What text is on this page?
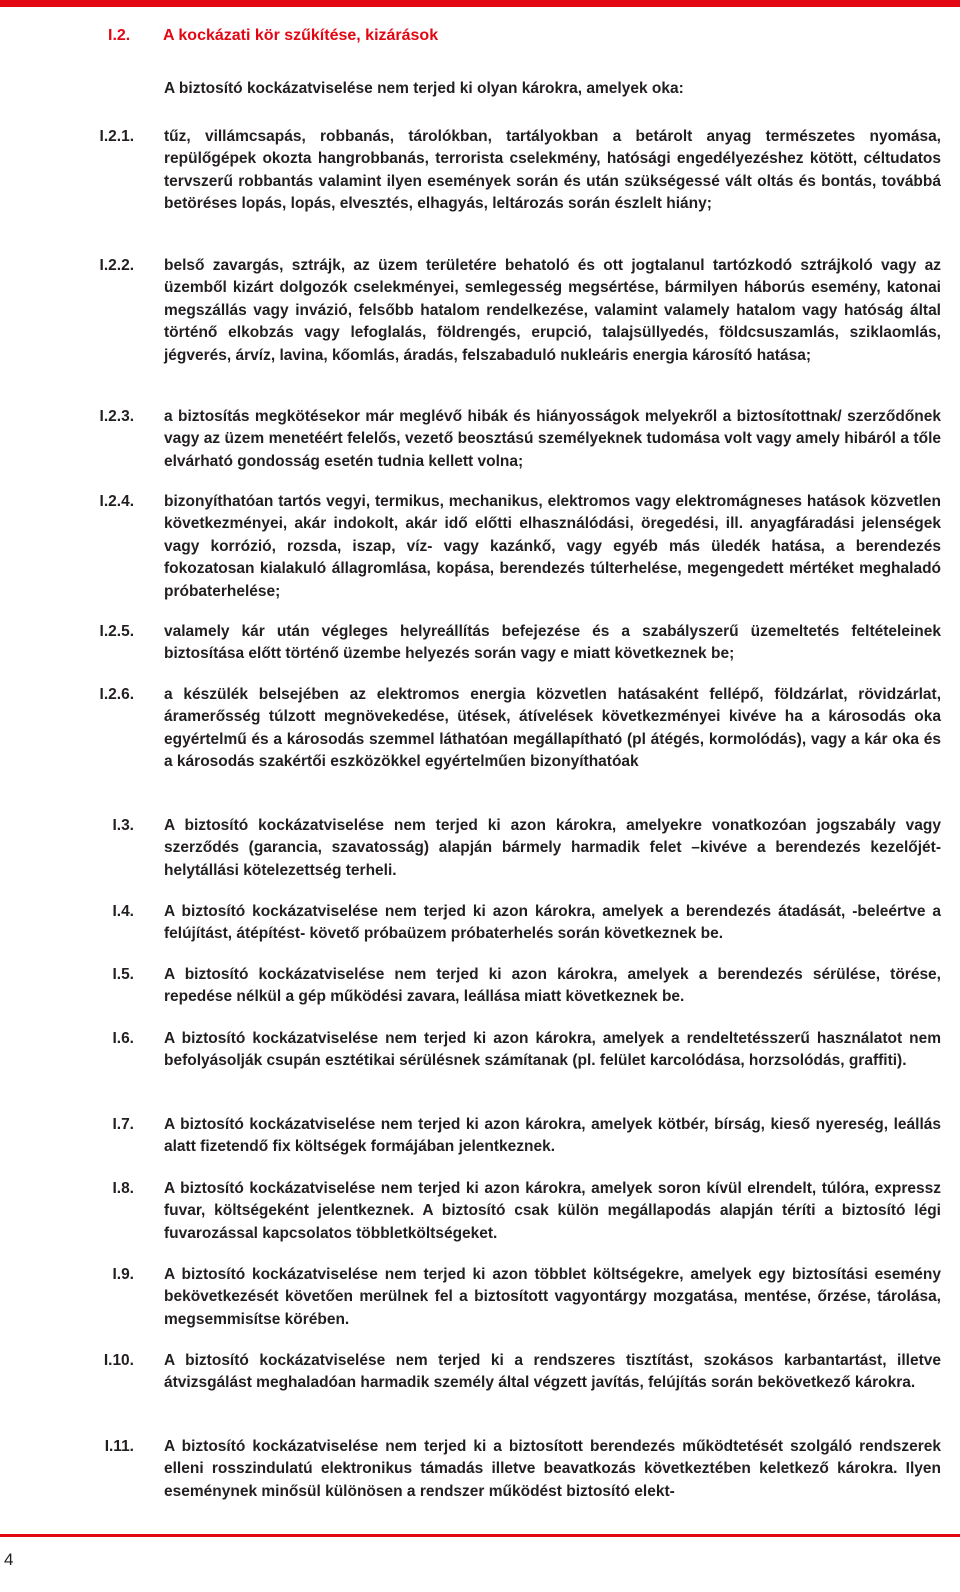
I.2. A kockázati kör szűkítése, kizárások
A biztosító kockázatviselése nem terjed ki olyan károkra, amelyek oka:
I.2.1. tűz, villámcsapás, robbanás, tárolókban, tartályokban a betárolt anyag természetes nyomása, repülőgépek okozta hangrobbanás, terrorista cselekmény, hatósági engedélyezéshez kötött, céltudatos tervszerű robbantás valamint ilyen események során és után szükségessé vált oltás és bontás, továbbá betöréses lopás, lopás, elvesztés, elhagyás, leltározás során észlelt hiány;
I.2.2. belső zavargás, sztrájk, az üzem területére behatoló és ott jogtalanul tartózkodó sztrájkoló vagy az üzemből kizárt dolgozók cselekményei, semlegesség megsértése, bármilyen háborús esemény, katonai megszállás vagy invázió, felsőbb hatalom rendelkezése, valamint valamely hatalom vagy hatóság által történő elkobzás vagy lefoglalás, földrengés, erupció, talajsüllyedés, földcsuszamlás, sziklaomlás, jégverés, árvíz, lavina, kőomlás, áradás, felszabaduló nukleáris energia károsító hatása;
I.2.3. a biztosítás megkötésekor már meglévő hibák és hiányosságok melyekről a biztosítottnak/ szerződőnek vagy az üzem menetéért felelős, vezető beosztású személyeknek tudomása volt vagy amely hibáról a tőle elvárható gondosság esetén tudnia kellett volna;
I.2.4. bizonyíthatóan tartós vegyi, termikus, mechanikus, elektromos vagy elektromágneses hatások közvetlen következményei, akár indokolt, akár idő előtti elhasználódási, öregedési, ill. anyagfáradási jelenségek vagy korrózió, rozsda, iszap, víz- vagy kazánkő, vagy egyéb más üledék hatása, a berendezés fokozatosan kialakuló állagromlása, kopása, berendezés túlterhelése, megengedett mértéket meghaladó próbaterhelése;
I.2.5. valamely kár után végleges helyreállítás befejezése és a szabályszerű üzemeltetés feltételeinek biztosítása előtt történő üzembe helyezés során vagy e miatt következnek be;
I.2.6. a készülék belsejében az elektromos energia közvetlen hatásaként fellépő, földzárlat, rövidzárlat, áramerősség túlzott megnövekedése, ütések, átívelések következményei kivéve ha a károsodás oka egyértelmű és a károsodás szemmel láthatóan megállapítható (pl átégés, kormolódás), vagy a kár oka és a károsodás szakértői eszközökkel egyértelműen bizonyíthatóak
I.3. A biztosító kockázatviselése nem terjed ki azon károkra, amelyekre vonatkozóan jogszabály vagy szerződés (garancia, szavatosság) alapján bármely harmadik felet –kivéve a berendezés kezelőjét- helytállási kötelezettség terheli.
I.4. A biztosító kockázatviselése nem terjed ki azon károkra, amelyek a berendezés átadását, -beleértve a felújítást, átépítést- követő próbaüzem próbaterhelés során következnek be.
I.5. A biztosító kockázatviselése nem terjed ki azon károkra, amelyek a berendezés sérülése, törése, repedése nélkül a gép működési zavara, leállása miatt következnek be.
I.6. A biztosító kockázatviselése nem terjed ki azon károkra, amelyek a rendeltetésszerű használatot nem befolyásolják csupán esztétikai sérülésnek számítanak (pl. felület karcolódása, horzsolódás, graffiti).
I.7. A biztosító kockázatviselése nem terjed ki azon károkra, amelyek kötbér, bírság, kieső nyereség, leállás alatt fizetendő fix költségek formájában jelentkeznek.
I.8. A biztosító kockázatviselése nem terjed ki azon károkra, amelyek soron kívül elrendelt, túlóra, expressz fuvar, költségeként jelentkeznek. A biztosító csak külön megállapodás alapján téríti a biztosító légi fuvarozással kapcsolatos többletköltségeket.
I.9. A biztosító kockázatviselése nem terjed ki azon többlet költségekre, amelyek egy biztosítási esemény bekövetkezését követően merülnek fel a biztosított vagyontárgy mozgatása, mentése, őrzése, tárolása, megsemmisítse körében.
I.10. A biztosító kockázatviselése nem terjed ki a rendszeres tisztítást, szokásos karbantartást, illetve átvizsgálást meghaladóan harmadik személy által végzett javítás, felújítás során bekövetkező károkra.
I.11. A biztosító kockázatviselése nem terjed ki a biztosított berendezés működtetését szolgáló rendszerek elleni rosszindulatú elektronikus támadás illetve beavatkozás következtében keletkező károkra. Ilyen eseménynek minősül különösen a rendszer működést biztosító elekt-
4
